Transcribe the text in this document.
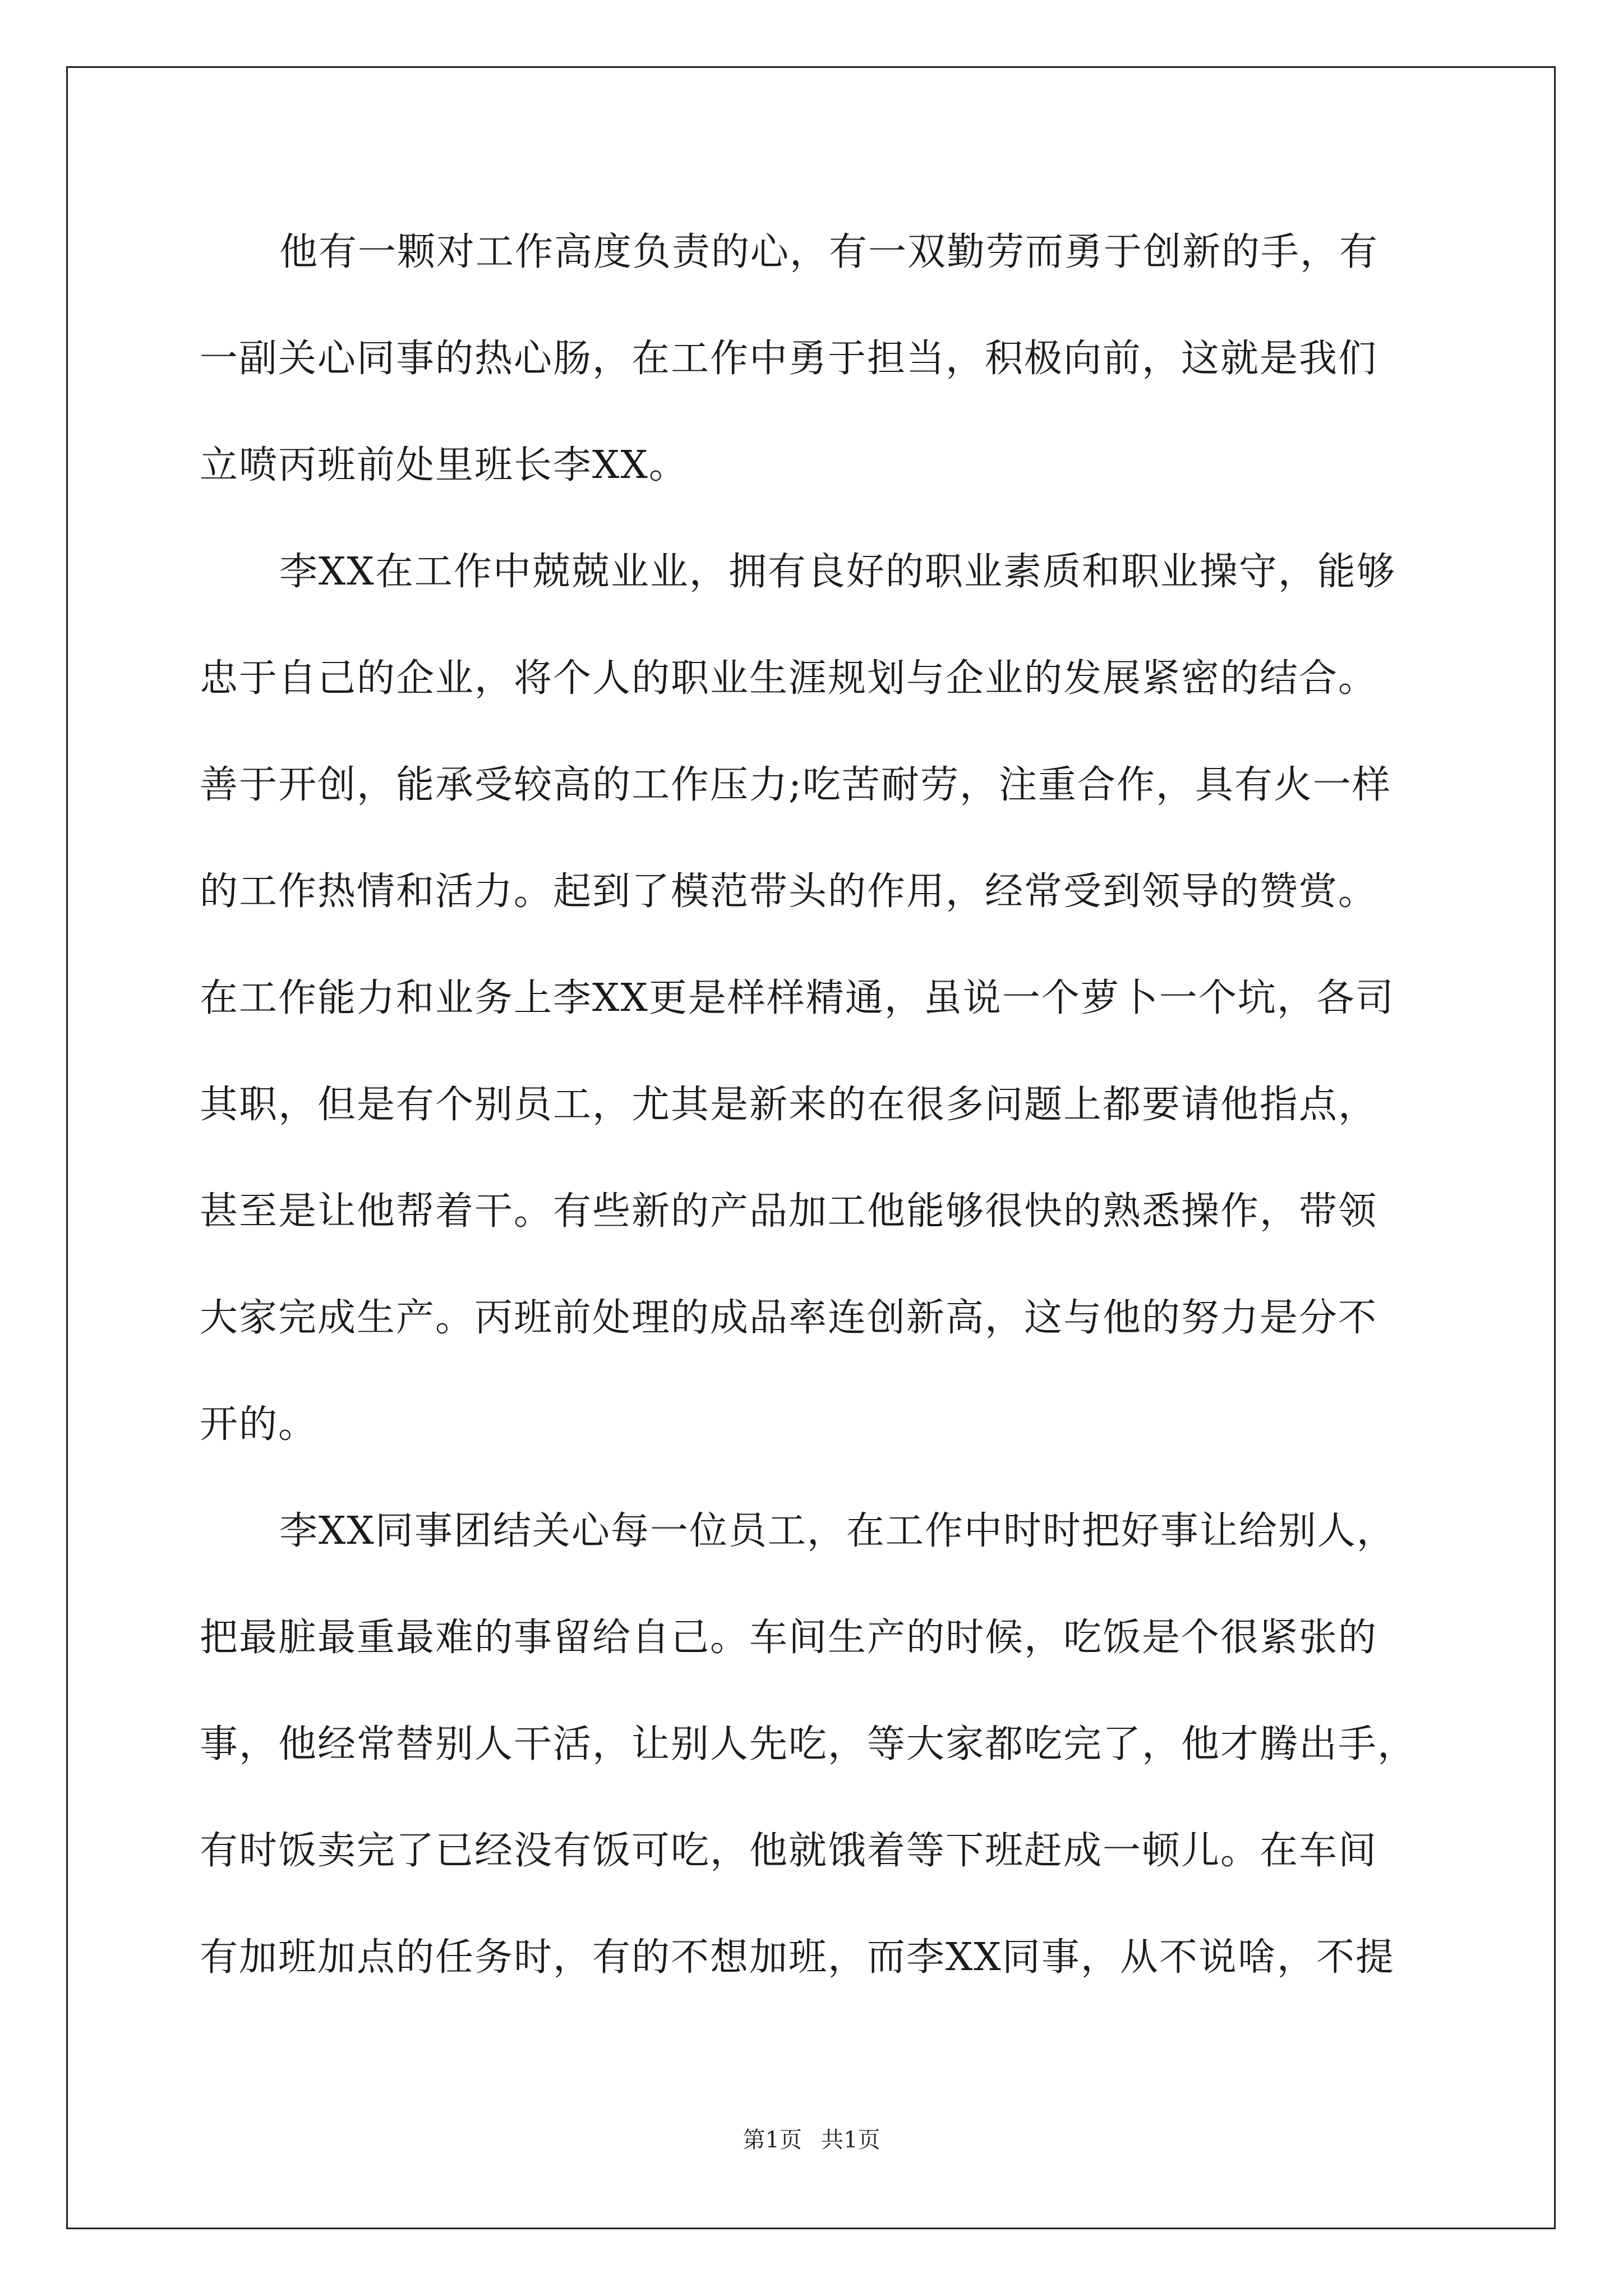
他有一颗对工作高度负责的心，有一双勤劳而勇于创新的手，有
一副关心同事的热心肠，在工作中勇于担当，积极向前，这就是我们
立喷丙班前处里班长李XX。
李XX在工作中兢兢业业，拥有良好的职业素质和职业操守，能够
忠于自己的企业，将个人的职业生涯规划与企业的发展紧密的结合。
善于开创，能承受较高的工作压力;吃苦耐劳，注重合作，具有火一样
的工作热情和活力。起到了模范带头的作用，经常受到领导的赞赏。
在工作能力和业务上李XX更是样样精通，虽说一个萝卜一个坑，各司
其职，但是有个别员工，尤其是新来的在很多问题上都要请他指点，
甚至是让他帮着干。有些新的产品加工他能够很快的熟悉操作，带领
大家完成生产。丙班前处理的成品率连创新高，这与他的努力是分不
开的。
李XX同事团结关心每一位员工，在工作中时时把好事让给别人，
把最脏最重最难的事留给自己。车间生产的时候，吃饭是个很紧张的
事，他经常替别人干活，让别人先吃，等大家都吃完了，他才腾出手，
有时饭卖完了已经没有饭可吃，他就饿着等下班赶成一顿儿。在车间
有加班加点的任务时，有的不想加班，而李XX同事，从不说啥，不提
第1页 共1页
